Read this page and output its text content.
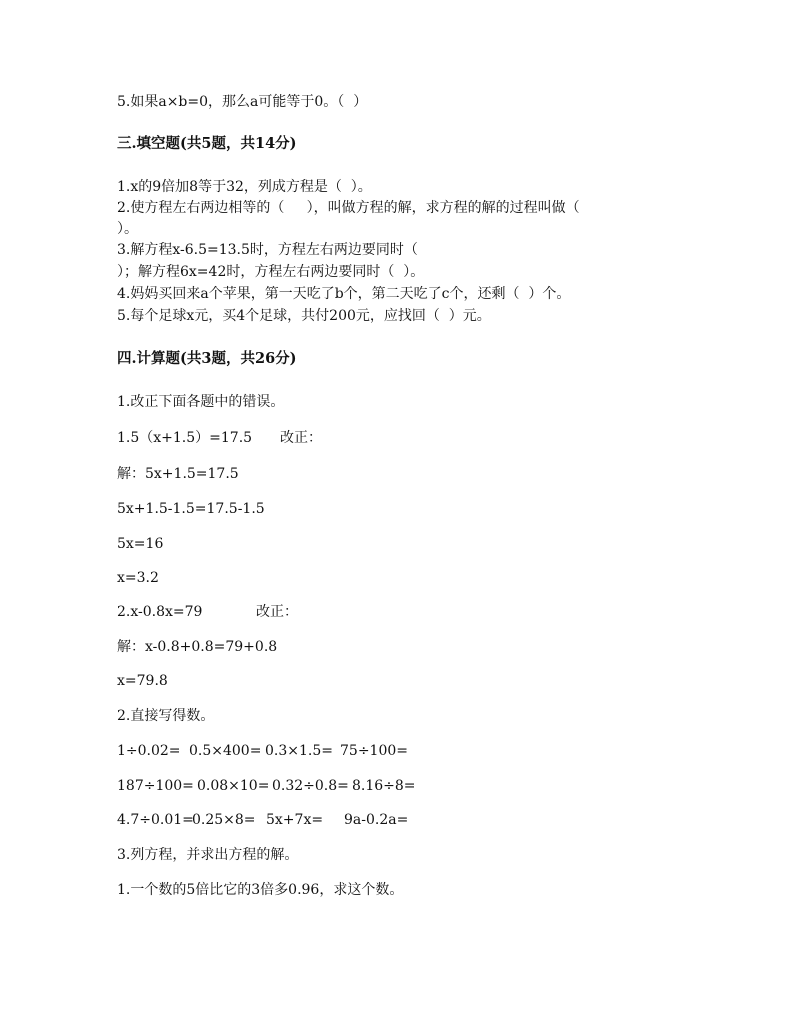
5.如果a×b=0，那么a可能等于0。（  ）
三.填空题(共5题，共14分)
1.x的9倍加8等于32，列成方程是（  ）。
2.使方程左右两边相等的（     ），叫做方程的解，求方程的解的过程叫做（
）。
3.解方程x-6.5=13.5时，方程左右两边要同时（
）；解方程6x=42时，方程左右两边要同时（  ）。
4.妈妈买回来a个苹果，第一天吃了b个，第二天吃了c个，还剩（  ）个。
5.每个足球x元，买4个足球，共付200元，应找回（  ）元。
四.计算题(共3题，共26分)
1.改正下面各题中的错误。
1.5（x+1.5）=17.5 改正：
解：5x+1.5=17.5
5x+1.5-1.5=17.5-1.5
5x=16
x=3.2
2.x-0.8x=79	改正：
解：x-0.8+0.8=79+0.8
x=79.8
2.直接写得数。
1÷0.02= 0.5×400= 0.3×1.5= 75÷100=
187÷100= 0.08×10= 0.32÷0.8= 8.16÷8=
4.7÷0.01=
0.25×8= 5x+7x= 9a-0.2a=
3.列方程，并求出方程的解。
1.一个数的5倍比它的3倍多0.96，求这个数。
